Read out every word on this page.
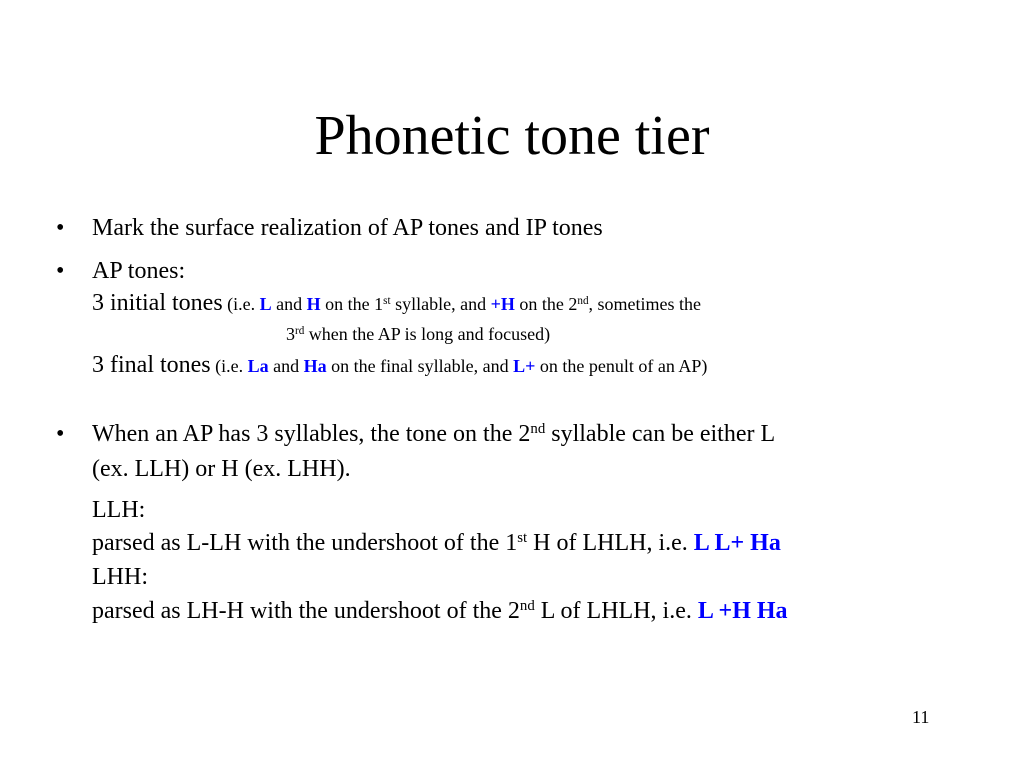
Phonetic tone tier
• Mark the surface realization of AP tones and IP tones
• AP tones:
3 initial tones (i.e. L and H on the 1st syllable, and +H on the 2nd, sometimes the
3rd when the AP is long and focused)
3 final tones (i.e. La and Ha on the final syllable, and L+ on the penult of an AP)
• When an AP has 3 syllables, the tone on the 2nd syllable can be either L
(ex. LLH) or H (ex. LHH).
LLH:
parsed as L-LH with the undershoot of the 1st H of LHLH, i.e. L L+ Ha
LHH:
parsed as LH-H with the undershoot of the 2nd L of LHLH, i.e. L +H Ha
11
